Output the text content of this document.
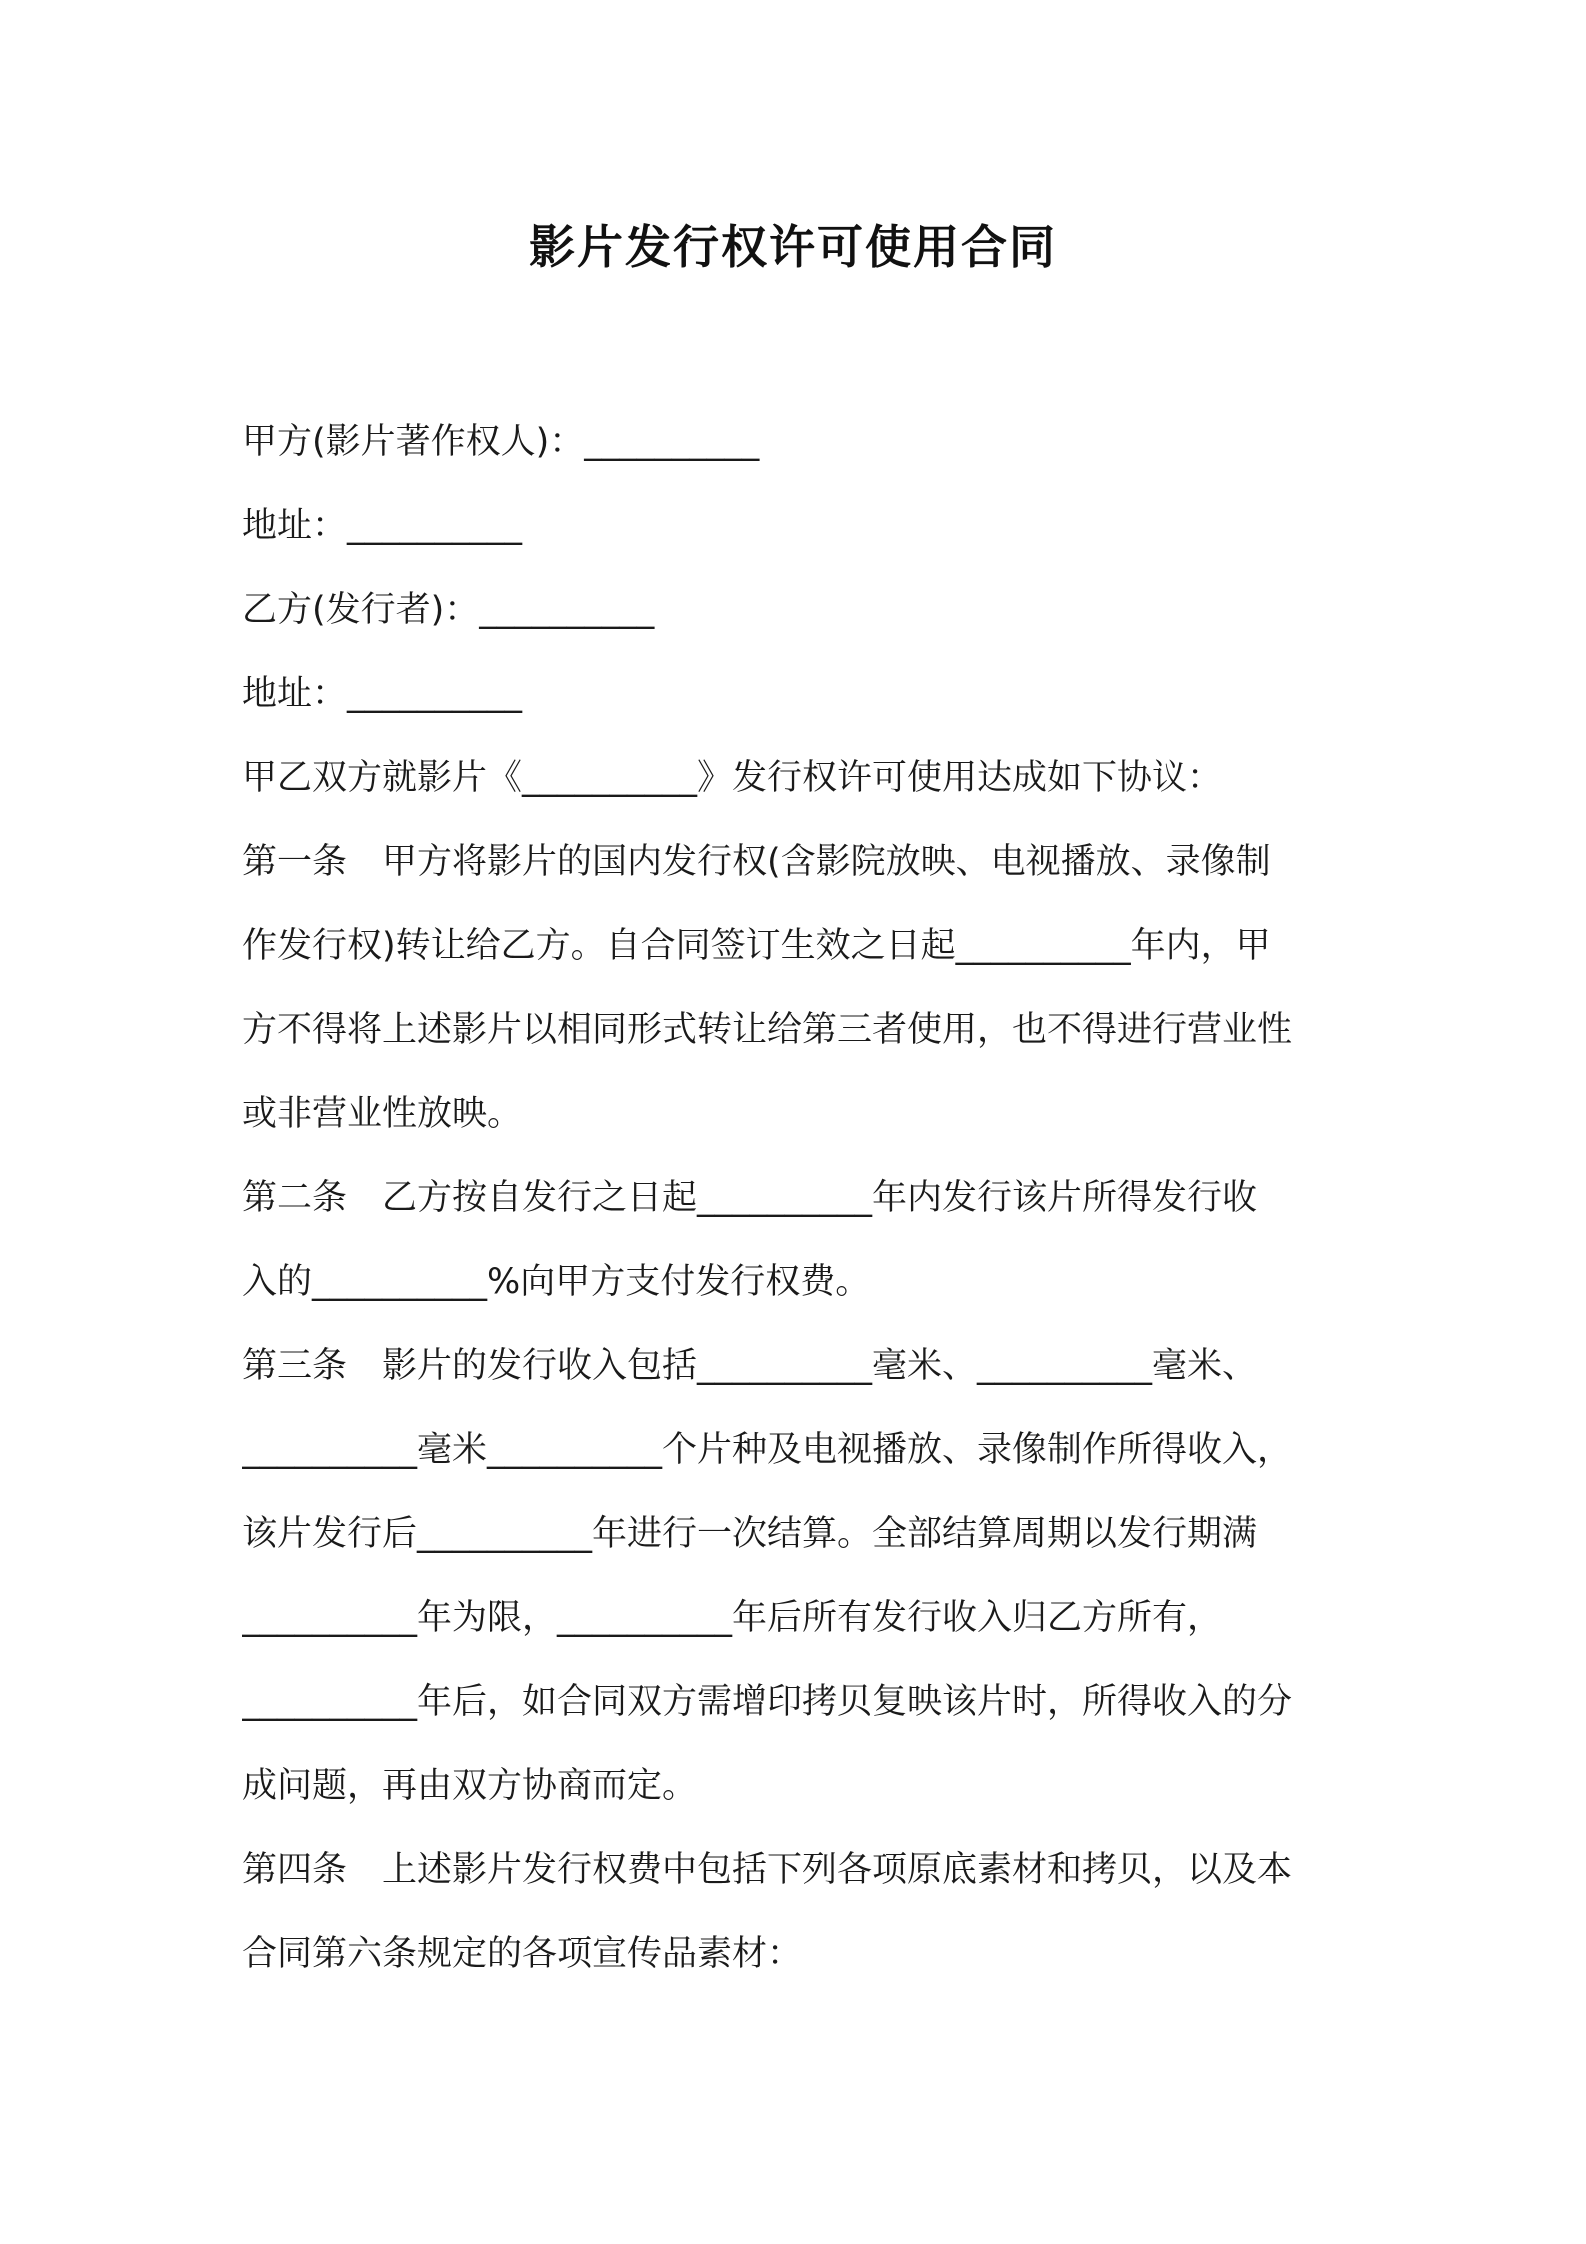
影片发行权许可使用合同
甲方(影片著作权人)：__________
地址：__________
乙方(发行者)：__________
地址：__________
甲乙双方就影片《__________》发行权许可使用达成如下协议：
第一条　甲方将影片的国内发行权(含影院放映、电视播放、录像制
作发行权)转让给乙方。自合同签订生效之日起__________年内，甲
方不得将上述影片以相同形式转让给第三者使用，也不得进行营业性
或非营业性放映。
第二条　乙方按自发行之日起__________年内发行该片所得发行收
入的__________%向甲方支付发行权费。
第三条　影片的发行收入包括__________毫米、__________毫米、
__________毫米__________个片种及电视播放、录像制作所得收入，
该片发行后__________年进行一次结算。全部结算周期以发行期满
__________年为限，__________年后所有发行收入归乙方所有，
__________年后，如合同双方需增印拷贝复映该片时，所得收入的分
成问题，再由双方协商而定。
第四条　上述影片发行权费中包括下列各项原底素材和拷贝，以及本
合同第六条规定的各项宣传品素材：
